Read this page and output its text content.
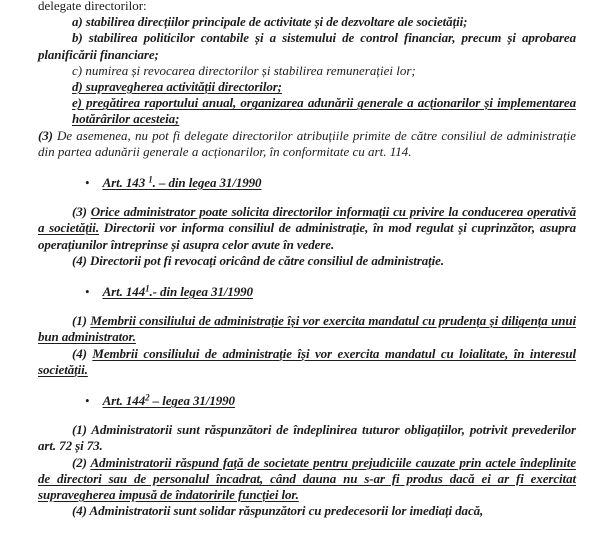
delegate directorilor:

a) stabilirea direcțiilor principale de activitate și de dezvoltare ale societății;

b) stabilirea politicilor contabile și a sistemului de control financiar, precum și aprobarea planificării financiare;

c) numirea și revocarea directorilor și stabilirea remunerației lor;

d) supravegherea activității directorilor;

e) pregătirea raportului anual, organizarea adunării generale a acționarilor și implementarea hotărârilor acesteia;

(3) De asemenea, nu pot fi delegate directorilor atribuțiile primite de către consiliul de administrație din partea adunării generale a acționarilor, în conformitate cu art. 114.

• Art. 143 $^1$. – din legea 31/1990

(3) Orice administrator poate solicita directorilor informații cu privire la conducerea operativă a societății. Directorii vor informa consiliul de administrație, în mod regulat și cuprinzător, asupra operațiunilor întreprinse și asupra celor avute în vedere.

(4) Directorii pot fi revocați oricând de către consiliul de administrație.

• Art. $144^1.-$ din legea 31/1990

(1) Membrii consiliului de administrație își vor exercita mandatul cu prudența și diligența unui bun administrator.

(4) Membrii consiliului de administrație își vor exercita mandatul cu loialitate, în interesul societății.

• Art. $144^2$ – legea 31/1990

(1) Administratorii sunt răspunzători de îndeplinirea tuturor obligațiilor, potrivit prevederilor art. 72 și 73.

(2) Administratorii răspund față de societate pentru prejudiciile cauzate prin actele îndeplinite de directori sau de personalul încadrat, când dauna nu s-ar fi produs dacă ei ar fi exercitat supravegherea impusă de îndatoririle funcției lor.

(4) Administratorii sunt solidar răspunzători cu predecesorii lor imediați dacă,
